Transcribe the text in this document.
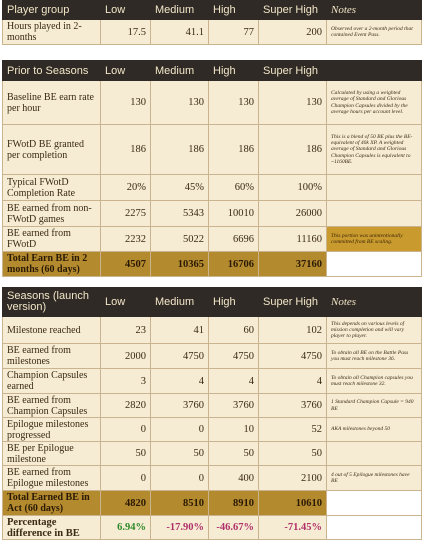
Player group	Low	Medium	High	Super High	Notes
Hours played in 2-months	17.5	41.1	77	200	Observed over a 2-month period that contained Event Pass.
Prior to Seasons	Low	Medium	High	Super High	
Baseline BE earn rate per hour	130	130	130	130	Calculated by using a weighted average of Standard and Glorious Champion Capsules divided by the average hours per account level.
FWotD BE granted per completion	186	186	186	186	This is a blend of 50 BE plus the BE-equivalent of 40k XP. A weighted average of Standard and Glorious Champion Capsules is equivalent to ~1160BE.
Typical FWotD Completion Rate	20%	45%	60%	100%	
BE earned from non-FWotD games	2275	5343	10010	26000	
BE earned from FWotD	2232	5022	6696	11160	This portion was unintentionally committed from BE scaling.
Total Earn BE in 2 months (60 days)	4507	10365	16706	37160	
Seasons (launch version)	Low	Medium	High	Super High	Notes
Milestone reached	23	41	60	102	This depends on various levels of mission completion and will vary player to player.
BE earned from milestones	2000	4750	4750	4750	To obtain all BE on the Battle Pass you must reach milestone 36.
Champion Capsules earned	3	4	4	4	To obtain all Champion capsules you must reach milestone 32.
BE earned from Champion Capsules	2820	3760	3760	3760	1 Standard Champion Capsule = 940 BE
Epilogue milestones progressed	0	0	10	52	AKA milestones beyond 50
BE per Epilogue milestone	50	50	50	50	
BE earned from Epilogue milestones	0	0	400	2100	4 out of 5 Epilogue milestones have BE
Total Earned BE in Act (60 days)	4820	8510	8910	10610	
Percentage difference in BE	6.94%	-17.90%	-46.67%	-71.45%	
